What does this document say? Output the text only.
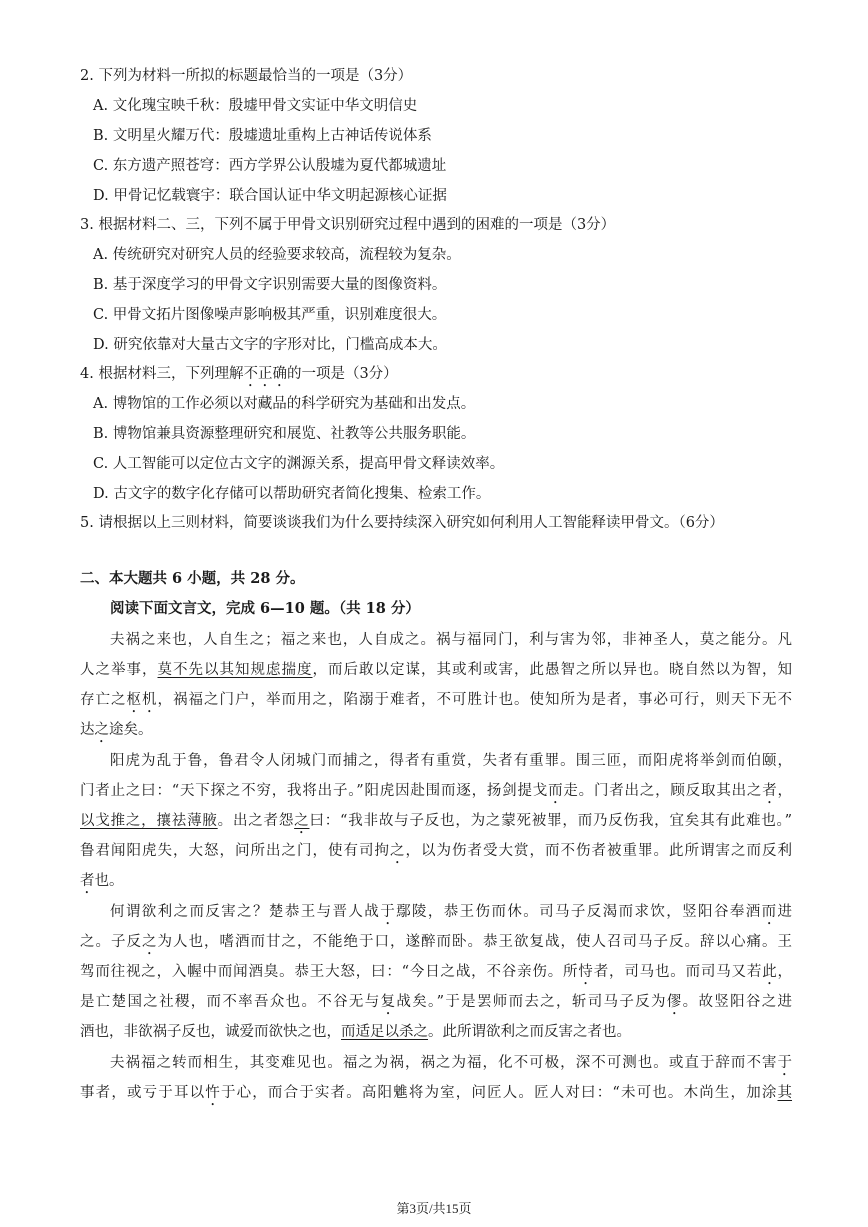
2. 下列为材料一所拟的标题最恰当的一项是（3分）
A. 文化瑰宝映千秋：殷墟甲骨文实证中华文明信史
B. 文明星火耀万代：殷墟遗址重构上古神话传说体系
C. 东方遗产照苍穹：西方学界公认殷墟为夏代都城遗址
D. 甲骨记忆载寰宇：联合国认证中华文明起源核心证据
3. 根据材料二、三，下列不属于甲骨文识别研究过程中遇到的困难的一项是（3分）
A. 传统研究对研究人员的经验要求较高，流程较为复杂。
B. 基于深度学习的甲骨文字识别需要大量的图像资料。
C. 甲骨文拓片图像噪声影响极其严重，识别难度很大。
D. 研究依靠对大量古文字的字形对比，门槛高成本大。
4. 根据材料三，下列理解不正确的一项是（3分）
A. 博物馆的工作必须以对藏品的科学研究为基础和出发点。
B. 博物馆兼具资源整理研究和展览、社教等公共服务职能。
C. 人工智能可以定位古文字的渊源关系，提高甲骨文释读效率。
D. 古文字的数字化存储可以帮助研究者简化搜集、检索工作。
5. 请根据以上三则材料，简要谈谈我们为什么要持续深入研究如何利用人工智能释读甲骨文。（6分）
二、本大题共 6 小题，共 28 分。
阅读下面文言文，完成 6—10 题。（共 18 分）
夫祸之来也，人自生之；福之来也，人自成之。祸与福同门，利与害为邻，非神圣人，莫之能分。凡
人之举事，莫不先以其知规虑揣度，而后敢以定谋，其或利或害，此愚智之所以异也。晓自然以为智，知
存亡之枢机，祸福之门户，举而用之，陷溺于难者，不可胜计也。使知所为是者，事必可行，则天下无不
达之途矣。
阳虎为乱于鲁，鲁君令人闭城门而捕之，得者有重赏，失者有重罪。围三匝，而阳虎将举剑而伯颐，
门者止之曰：“天下探之不穷，我将出子。”阳虎因赴围而逐，扬剑提戈而走。门者出之，顾反取其出之者，
以戈推之，攘祛薄腋。出之者怨之曰：“我非故与子反也，为之蒙死被罪，而乃反伤我，宜矣其有此难也。”
鲁君闻阳虎失，大怒，问所出之门，使有司拘之，以为伤者受大赏，而不伤者被重罪。此所谓害之而反利
者也。
何谓欲利之而反害之？楚恭王与晋人战于鄢陵，恭王伤而休。司马子反渴而求饮，竖阳谷奉酒而进
之。子反之为人也，嗜酒而甘之，不能绝于口，遂醉而卧。恭王欲复战，使人召司马子反。辞以心痛。王
驾而往视之，入幄中而闻酒臭。恭王大怒，曰：“今日之战，不谷亲伤。所恃者，司马也。而司马又若此，
是亡楚国之社稷，而不率吾众也。不谷无与复战矣。”于是罢师而去之，斩司马子反为僇。故竖阳谷之进
酒也，非欲祸子反也，诚爱而欲快之也，而适足以杀之。此所谓欲利之而反害之者也。
夫祸福之转而相生，其变难见也。福之为祸，祸之为福，化不可极，深不可测也。或直于辞而不害于
事者，或亏于耳以忤于心，而合于实者。高阳魋将为室，问匠人。匠人对曰：“未可也。木尚生，加涂其
第3页/共15页
